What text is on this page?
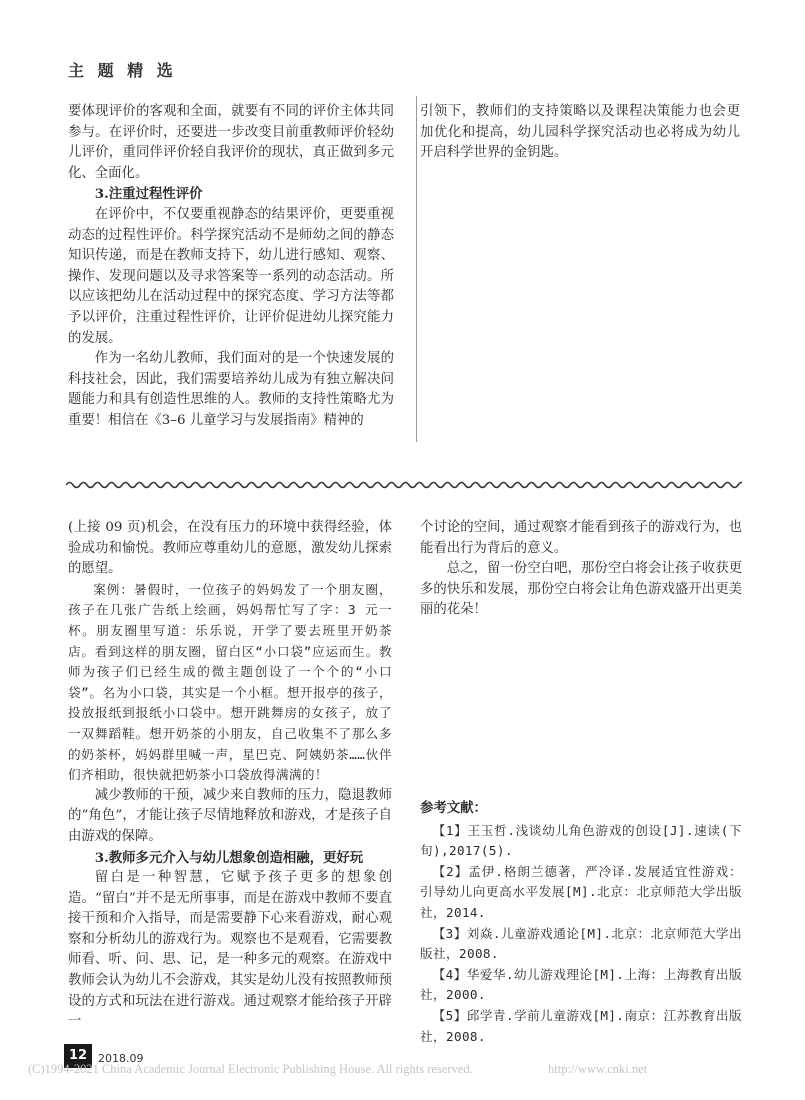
主 题 精 选

要体现评价的客观和全面，就要有不同的评价主体共同参与。在评价时，还要进一步改变目前重教师评价轻幼儿评价，重同伴评价轻自我评价的现状，真正做到多元化、全面化。

3.注重过程性评价

在评价中，不仅要重视静态的结果评价，更要重视动态的过程性评价。科学探究活动不是师幼之间的静态知识传递，而是在教师支持下，幼儿进行感知、观察、操作、发现问题以及寻求答案等一系列的动态活动。所以应该把幼儿在活动过程中的探究态度、学习方法等都予以评价，注重过程性评价，让评价促进幼儿探究能力的发展。

作为一名幼儿教师，我们面对的是一个快速发展的科技社会，因此，我们需要培养幼儿成为有独立解决问题能力和具有创造性思维的人。教师的支持性策略尤为重要！相信在《3–6 儿童学习与发展指南》精神的

引领下，教师们的支持策略以及课程决策能力也会更加优化和提高，幼儿园科学探究活动也必将成为幼儿开启科学世界的金钥匙。

(上接 09 页)机会，在没有压力的环境中获得经验，体验成功和愉悦。教师应尊重幼儿的意愿，激发幼儿探索的愿望。

案例：暑假时，一位孩子的妈妈发了一个朋友圈，孩子在几张广告纸上绘画，妈妈帮忙写了字：3 元一杯。朋友圈里写道：乐乐说，开学了要去班里开奶茶店。看到这样的朋友圈，留白区“小口袋”应运而生。教师为孩子们已经生成的微主题创设了一个个的“小口袋”。名为小口袋，其实是一个小框。想开报亭的孩子，投放报纸到报纸小口袋中。想开跳舞房的女孩子，放了一双舞蹈鞋。想开奶茶的小朋友，自己收集不了那么多的奶茶杯，妈妈群里喊一声，星巴克、阿姨奶茶……伙伴们齐相助，很快就把奶茶小口袋放得满满的！

减少教师的干预，减少来自教师的压力，隐退教师的“角色”，才能让孩子尽情地释放和游戏，才是孩子自由游戏的保障。

3.教师多元介入与幼儿想象创造相融，更好玩

留白是一种智慧，它赋予孩子更多的想象创造。“留白”并不是无所事事，而是在游戏中教师不要直接干预和介入指导，而是需要静下心来看游戏，耐心观察和分析幼儿的游戏行为。观察也不是观看，它需要教师看、听、问、思、记，是一种多元的观察。在游戏中教师会认为幼儿不会游戏，其实是幼儿没有按照教师预设的方式和玩法在进行游戏。通过观察才能给孩子开辟一

个讨论的空间，通过观察才能看到孩子的游戏行为，也能看出行为背后的意义。

总之，留一份空白吧，那份空白将会让孩子收获更多的快乐和发展，那份空白将会让角色游戏盛开出更美丽的花朵！

参考文献：

【1】王玉哲.浅谈幼儿角色游戏的创设[J].速读(下旬),2017(5).

【2】孟伊.格朗兰德著，严冷译.发展适宜性游戏：引导幼儿向更高水平发展[M].北京：北京师范大学出版社，2014.

【3】刘焱.儿童游戏通论[M].北京：北京师范大学出版社，2008.

【4】华爱华.幼儿游戏理论[M].上海：上海教育出版社，2000.

【5】邱学青.学前儿童游戏[M].南京：江苏教育出版社，2008.

12 2018.09
(C)1994-2021 China Academic Journal Electronic Publishing House. All rights reserved.	http://www.cnki.net
